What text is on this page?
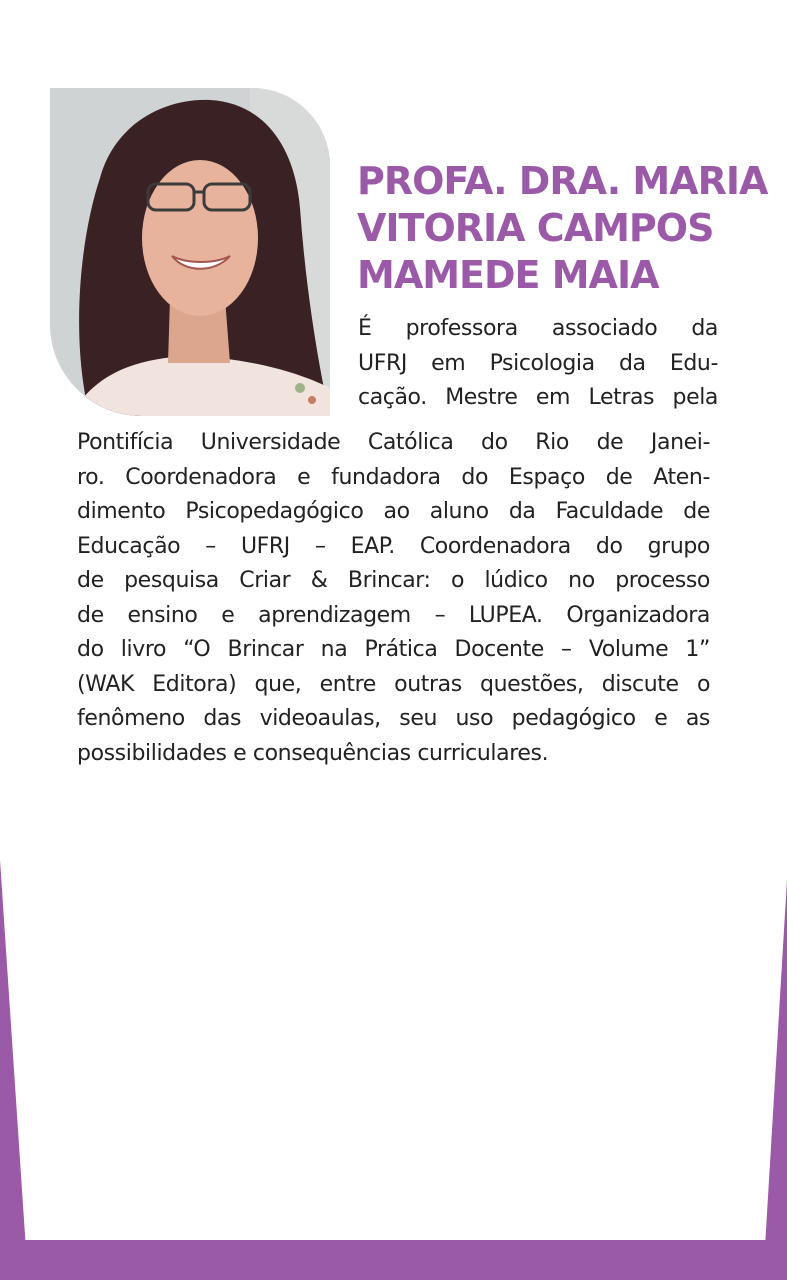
PROFA. DRA. MARIA
VITORIA CAMPOS
MAMEDE MAIA
É professora associado da
UFRJ em Psicologia da Edu-
cação. Mestre em Letras pela
Pontifícia Universidade Católica do Rio de Janei-
ro. Coordenadora e fundadora do Espaço de Aten-
dimento Psicopedagógico ao aluno da Faculdade de
Educação – UFRJ – EAP. Coordenadora do grupo
de pesquisa Criar & Brincar: o lúdico no processo
de ensino e aprendizagem – LUPEA. Organizadora
do livro “O Brincar na Prática Docente – Volume 1”
(WAK Editora) que, entre outras questões, discute o
fenômeno das videoaulas, seu uso pedagógico e as
possibilidades e consequências curriculares.
